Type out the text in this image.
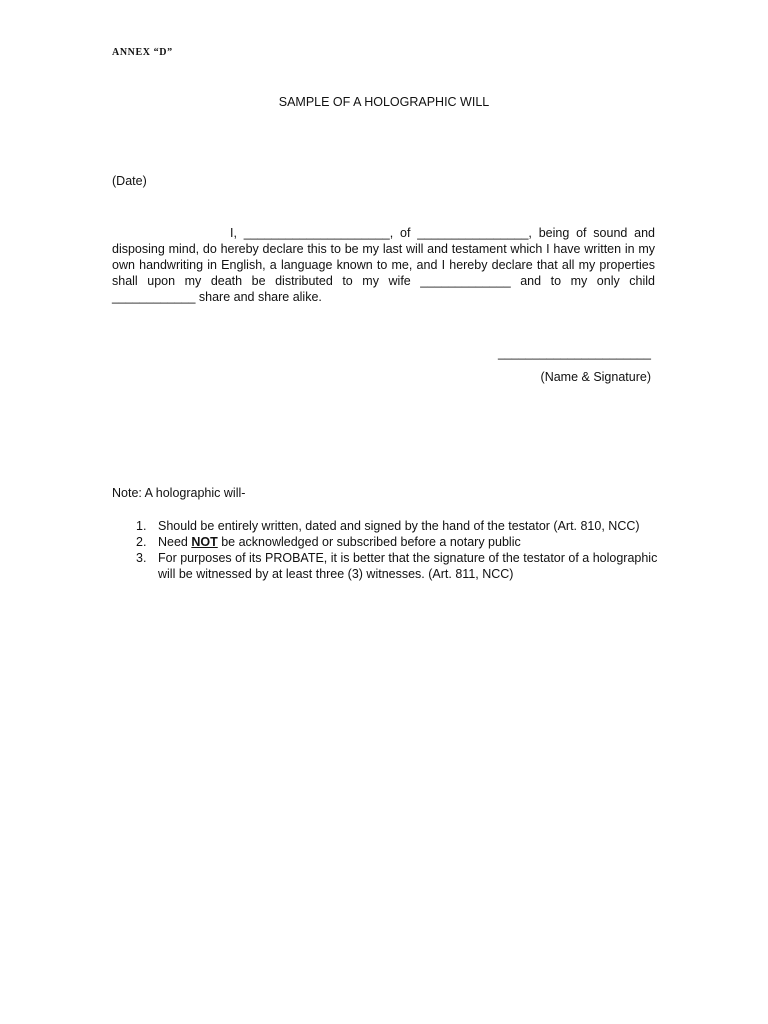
ANNEX “D”
SAMPLE OF A HOLOGRAPHIC WILL
(Date)

I, _____________________, of ________________, being of sound and disposing mind, do hereby declare this to be my last will and testament which I have written in my own handwriting in English, a language known to me, and I hereby declare that all my properties shall upon my death be distributed to my wife _____________ and to my only child ____________ share and share alike.

______________________
(Name & Signature)
Note: A holographic will-
1. Should be entirely written, dated and signed by the hand of the testator (Art. 810, NCC)
2. Need NOT be acknowledged or subscribed before a notary public
3. For purposes of its PROBATE, it is better that the signature of the testator of a holographic will be witnessed by at least three (3) witnesses. (Art. 811, NCC)
